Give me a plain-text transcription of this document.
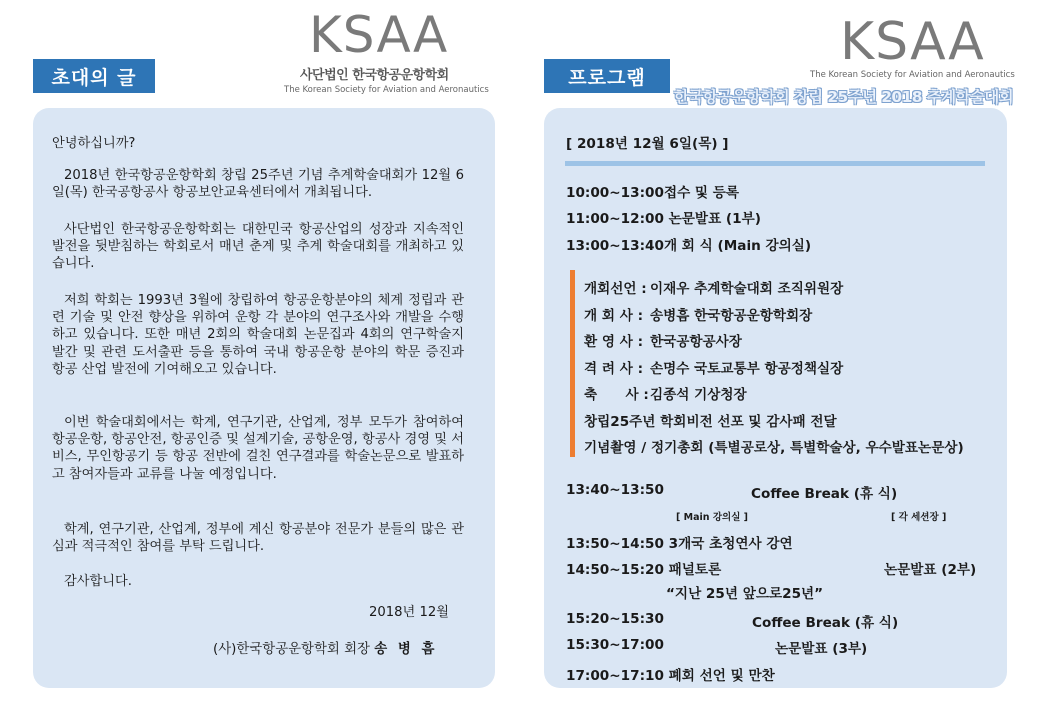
초대의 글
KSAA
사단법인 한국항공운항학회
The Korean Society for Aviation and Aeronautics

안녕하십니까?

2018년 한국항공운항학회 창립 25주년 기념 추계학술대회가 12월 6일(목) 한국공항공사 항공보안교육센터에서 개최됩니다.

사단법인 한국항공운항학회는 대한민국 항공산업의 성장과 지속적인 발전을 뒷받침하는 학회로서 매년 춘계 및 추계 학술대회를 개최하고 있습니다.

저희 학회는 1993년 3월에 창립하여 항공운항분야의 체계 정립과 관련 기술 및 안전 향상을 위하여 운항 각 분야의 연구조사와 개발을 수행하고 있습니다. 또한 매년 2회의 학술대회 논문집과 4회의 연구학술지 발간 및 관련 도서출판 등을 통하여 국내 항공운항 분야의 학문 증진과 항공 산업 발전에 기여해오고 있습니다.

이번 학술대회에서는 학계, 연구기관, 산업계, 정부 모두가 참여하여 항공운항, 항공안전, 항공인증 및 설계기술, 공항운영, 항공사 경영 및 서비스, 무인항공기 등 항공 전반에 걸친 연구결과를 학술논문으로 발표하고 참여자들과 교류를 나눌 예정입니다.

학계, 연구기관, 산업계, 정부에 계신 항공분야 전문가 분들의 많은 관심과 적극적인 참여를 부탁 드립니다.

감사합니다.

2018년 12월
(사)한국항공운항학회 회장 송 병 흠
프로그램
KSAA
The Korean Society for Aviation and Aeronautics
한국항공운항학회 창립 25주년 2018 추계학술대회
[ 2018년 12월 6일(목) ]
10:00~13:00접수 및 등록
11:00~12:00 논문발표 (1부)
13:00~13:40개 회 식 (Main 강의실)
개회선언 : 이재우 추계학술대회 조직위원장
개 회 사 : 송병흠 한국항공운항학회장
환 영 사 : 한국공항공사장
격 려 사 : 손명수 국토교통부 항공정책실장
축      사 :김종석 기상청장
창립25주년 학회비전 선포 및 감사패 전달
기념촬영 / 정기총회 (특별공로상, 특별학술상, 우수발표논문상)
13:40~13:50	Coffee Break (휴 식)
[ Main 강의실 ]	[ 각 세션장 ]
13:50~14:50 3개국 초청연사 강연
14:50~15:20 패널토론	논문발표 (2부)
“지난 25년 앞으로25년”
15:20~15:30	Coffee Break (휴 식)
15:30~17:00	논문발표 (3부)
17:00~17:10 폐회 선언 및 만찬
